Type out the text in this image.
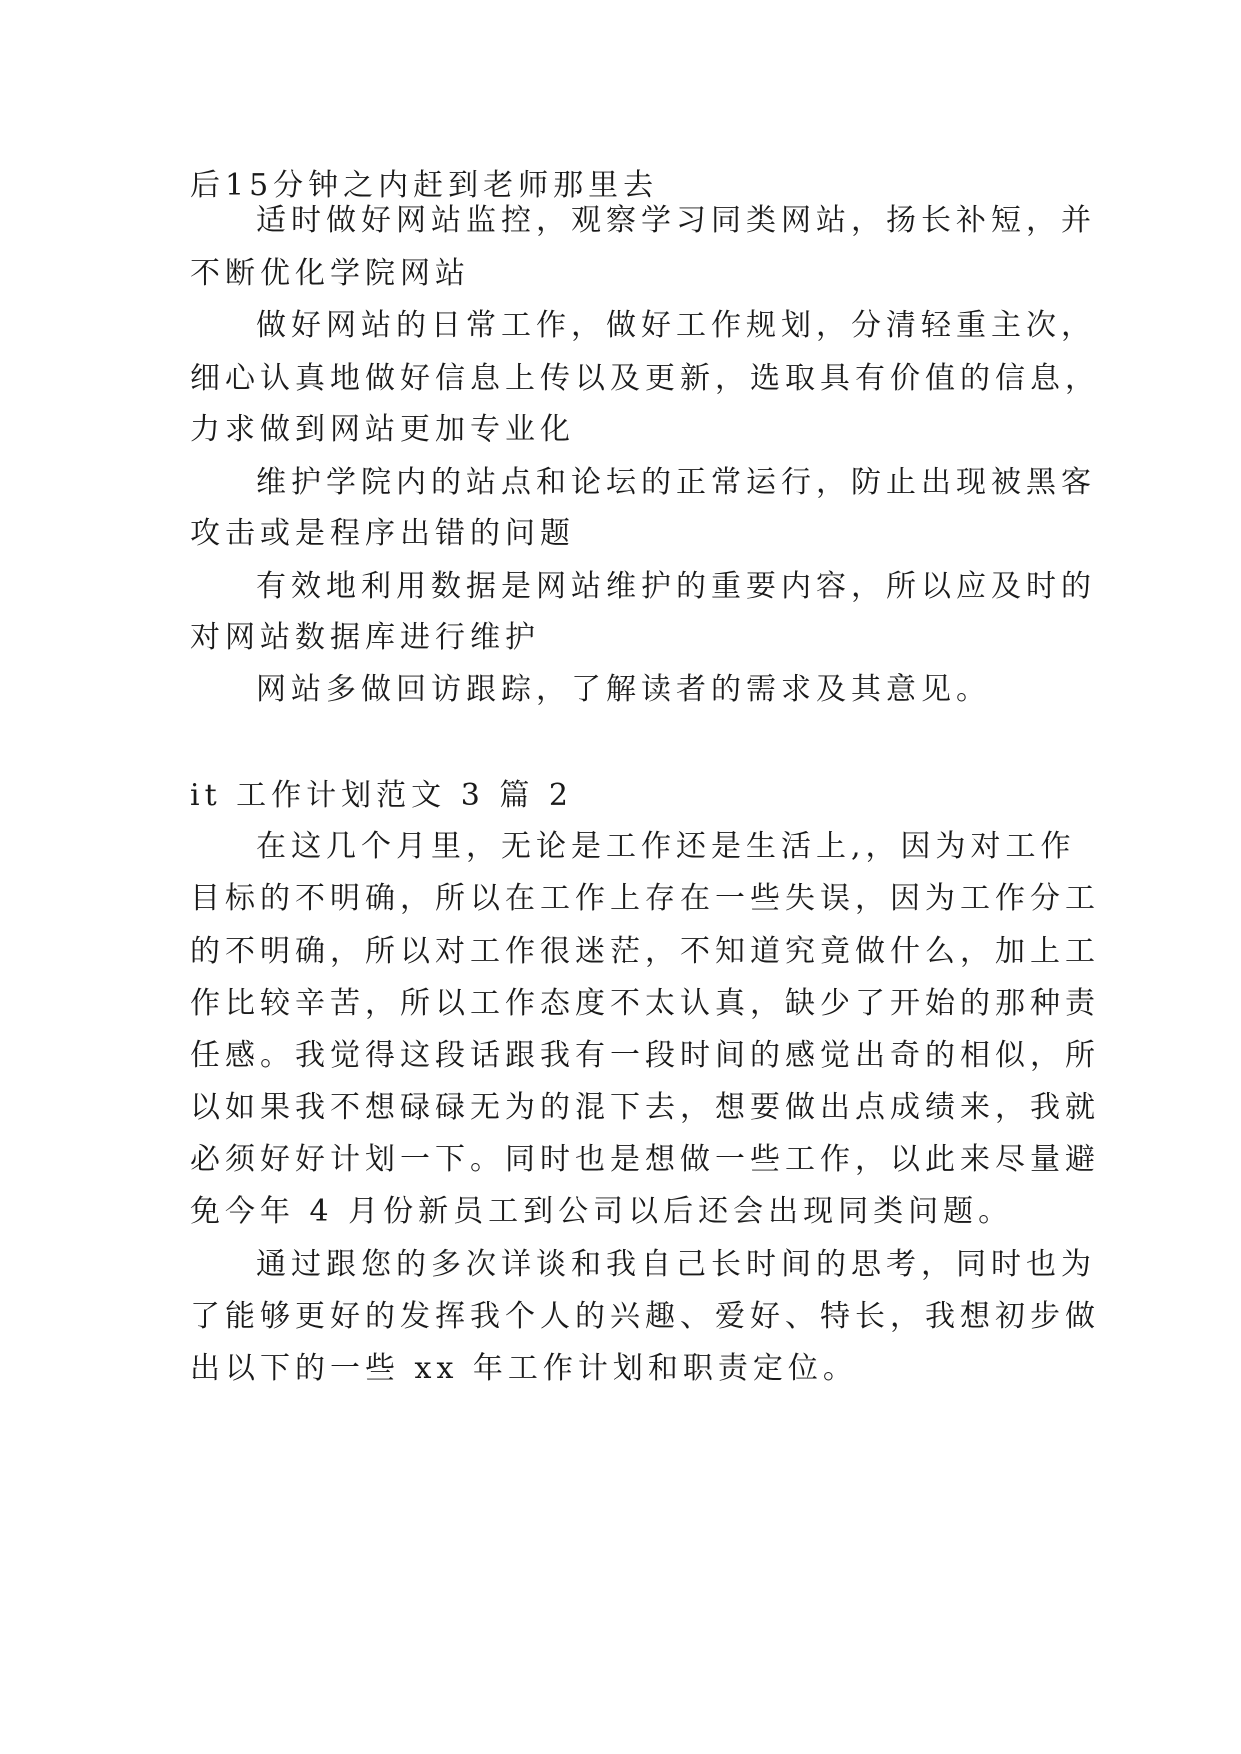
后15分钟之内赶到老师那里去
适时做好网站监控，观察学习同类网站，扬长补短，并
不断优化学院网站
做好网站的日常工作，做好工作规划，分清轻重主次，
细心认真地做好信息上传以及更新，选取具有价值的信息，
力求做到网站更加专业化
维护学院内的站点和论坛的正常运行，防止出现被黑客
攻击或是程序出错的问题
有效地利用数据是网站维护的重要内容，所以应及时的
对网站数据库进行维护
网站多做回访跟踪，了解读者的需求及其意见。
it 工作计划范文 3 篇 2
在这几个月里，无论是工作还是生活上,，因为对工作
目标的不明确，所以在工作上存在一些失误，因为工作分工
的不明确，所以对工作很迷茫，不知道究竟做什么，加上工
作比较辛苦，所以工作态度不太认真，缺少了开始的那种责
任感。我觉得这段话跟我有一段时间的感觉出奇的相似，所
以如果我不想碌碌无为的混下去，想要做出点成绩来，我就
必须好好计划一下。同时也是想做一些工作，以此来尽量避
免今年 4 月份新员工到公司以后还会出现同类问题。
通过跟您的多次详谈和我自己长时间的思考，同时也为
了能够更好的发挥我个人的兴趣、爱好、特长，我想初步做
出以下的一些 xx 年工作计划和职责定位。
